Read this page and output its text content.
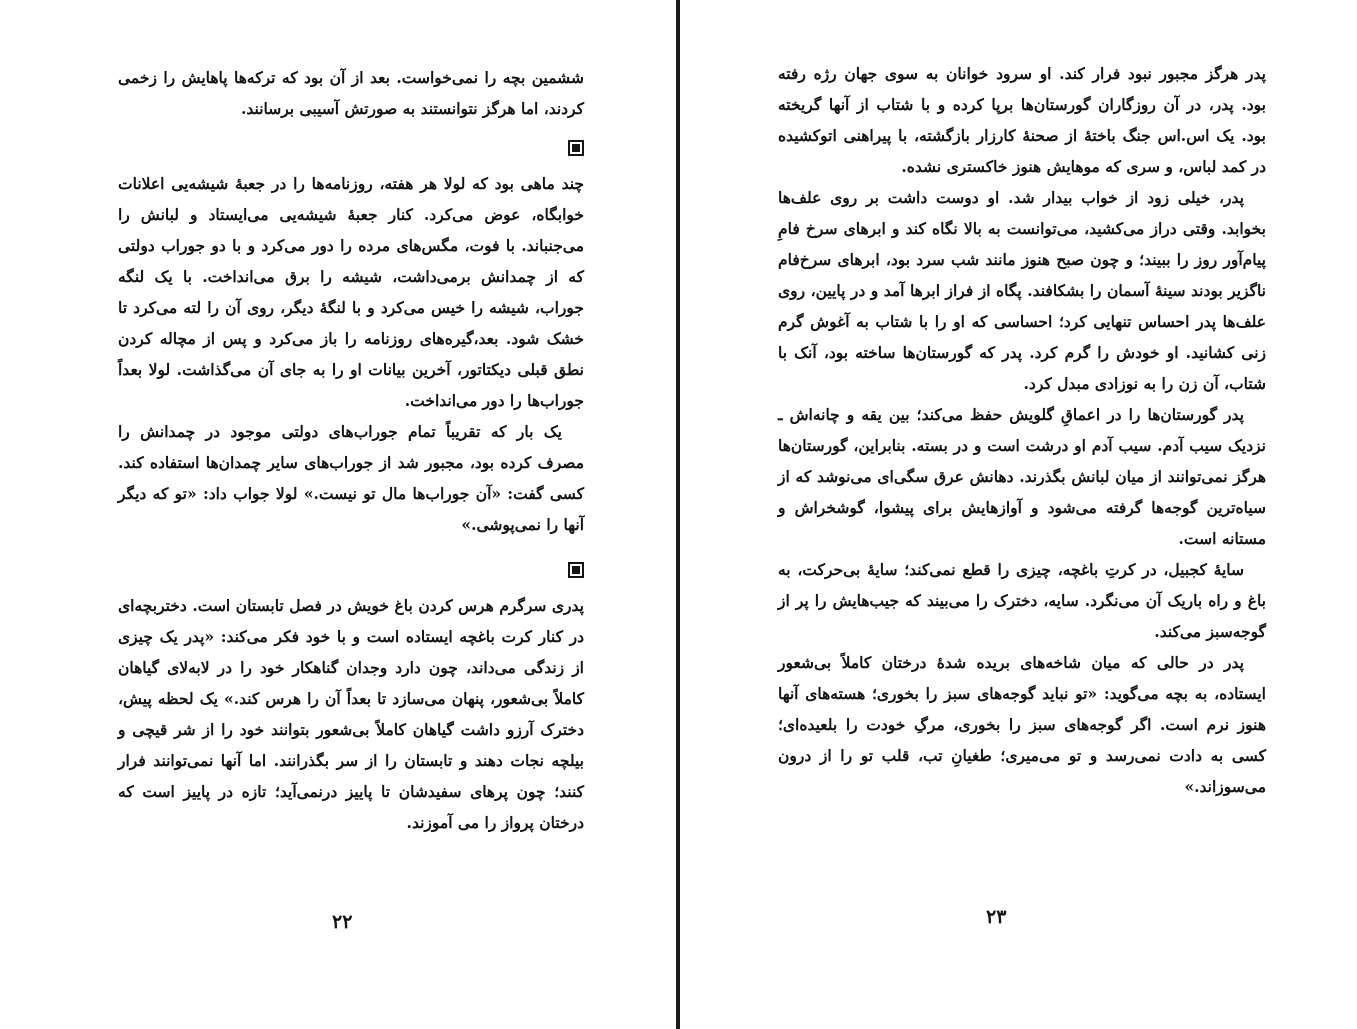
ششمین بچه را نمی‌خواست. بعد از آن بود که ترکه‌ها پاهایش را زخمی کردند، اما هرگز نتوانستند به صورتش آسیبی برسانند.

چند ماهی بود که لولا هر هفته، روزنامه‌ها را در جعبهٔ شیشه‌یی اعلانات خوابگاه، عوض می‌کرد. کنار جعبهٔ شیشه‌یی می‌ایستاد و لبانش را می‌جنباند. با فوت، مگس‌های مرده را دور می‌کرد و با دو جوراب دولتی که از چمدانش برمی‌داشت، شیشه را برق می‌انداخت. با یک لنگه جوراب، شیشه را خیس می‌کرد و با لنگهٔ دیگر، روی آن را لته می‌کرد تا خشک شود. بعد،گیره‌های روزنامه را باز می‌کرد و پس از مچاله کردن نطق قبلی دیکتاتور، آخرین بیانات او را به جای آن می‌گذاشت. لولا بعداً جوراب‌ها را دور می‌انداخت.

یک بار که تقریباً تمام جوراب‌های دولتی موجود در چمدانش را مصرف کرده بود، مجبور شد از جوراب‌های سایر چمدان‌ها استفاده کند. کسی گفت: «آن جوراب‌ها مال تو نیست.» لولا جواب داد: «تو که دیگر آنها را نمی‌پوشی.»

پدری سرگرم هرس کردن باغ خویش در فصل تابستان است. دختربچه‌ای در کنار کرت باغچه ایستاده است و با خود فکر می‌کند: «پدر یک چیزی از زندگی می‌داند، چون دارد وجدان گناهکار خود را در لابه‌لای گیاهان کاملاً بی‌شعور، پنهان می‌سازد تا بعداً آن را هرس کند.» یک لحظه پیش، دخترک آرزو داشت گیاهان کاملاً بی‌شعور بتوانند خود را از شر قیچی و بیلچه نجات دهند و تابستان را از سر بگذرانند. اما آنها نمی‌توانند فرار کنند؛ چون پرهای سفیدشان تا پاییز درنمی‌آید؛ تازه در پاییز است که درختان پرواز را می آموزند.

۲۲

پدر هرگز مجبور نبود فرار کند. او سرود خوانان به سوی جهان رژه رفته بود. پدر، در آن روزگاران گورستان‌ها برپا کرده و با شتاب از آنها گریخته بود. یک اس.اس جنگ باختهٔ از صحنهٔ کارزار بازگشته، با پیراهنی اتوکشیده در کمد لباس، و سری که موهایش هنوز خاکستری نشده.

پدر، خیلی زود از خواب بیدار شد. او دوست داشت بر روی علف‌ها بخوابد. وقتی دراز می‌کشید، می‌توانست به بالا نگاه کند و ابرهای سرخ فامِ پیام‌آور روز را ببیند؛ و چون صبح هنوز مانند شب سرد بود، ابرهای سرخ‌فام ناگزیر بودند سینهٔ آسمان را بشکافند. پگاه از فراز ابرها آمد و در پایین، روی علف‌ها پدر احساس تنهایی کرد؛ احساسی که او را با شتاب به آغوش گرم زنی کشانید. او خودش را گرم کرد. پدر که گورستان‌ها ساخته بود، آنک با شتاب، آن زن را به نوزادی مبدل کرد.

پدر گورستان‌ها را در اعماقِ گلویش حفظ می‌کند؛ بین یقه و چانه‌اش ـ نزدیک سیب آدم. سیب آدم او درشت است و در بسته. بنابراین، گورستان‌ها هرگز نمی‌توانند از میان لبانش بگذرند. دهانش عرق سگی‌ای می‌نوشد که از سیاه‌ترین گوجه‌ها گرفته می‌شود و آوازهایش برای پیشوا، گوشخراش و مستانه است.

سایهٔ کجبیل، در کرتِ باغچه، چیزی را قطع نمی‌کند؛ سایهٔ بی‌حرکت، به باغ و راه باریک آن می‌نگرد. سایه، دخترک را می‌بیند که جیب‌هایش را پر از گوجه‌سبز می‌کند.

پدر در حالی که میان شاخه‌های بریده شدهٔ درختان کاملاً بی‌شعور ایستاده، به بچه می‌گوید: «تو نباید گوجه‌های سبز را بخوری؛ هسته‌های آنها هنوز نرم است. اگر گوجه‌های سبز را بخوری، مرگِ خودت را بلعیده‌ای؛ کسی به دادت نمی‌رسد و تو می‌میری؛ طغیانِ تب، قلب تو را از درون می‌سوزاند.»

۲۳
